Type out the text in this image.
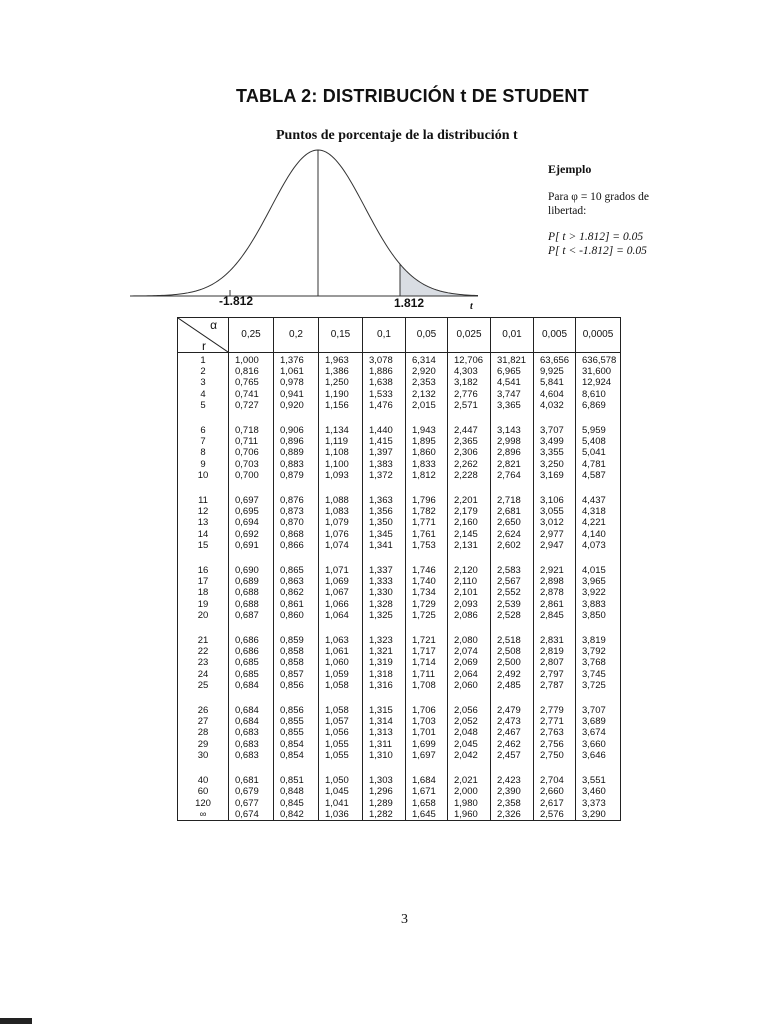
TABLA 2: DISTRIBUCIÓN t DE STUDENT
Puntos de porcentaje de la distribución t
Ejemplo
Para φ = 10 grados de libertad:
P[ t > 1.812] = 0.05
P[ t < -1.812] = 0.05
-1.812	1.812	t
α
r	0,25	0,2	0,15	0,1	0,05	0,025	0,01	0,005	0,0005
1	1,000	1,376	1,963	3,078	6,314	12,706	31,821	63,656	636,578
2	0,816	1,061	1,386	1,886	2,920	4,303	6,965	9,925	31,600
3	0,765	0,978	1,250	1,638	2,353	3,182	4,541	5,841	12,924
4	0,741	0,941	1,190	1,533	2,132	2,776	3,747	4,604	8,610
5	0,727	0,920	1,156	1,476	2,015	2,571	3,365	4,032	6,869
6	0,718	0,906	1,134	1,440	1,943	2,447	3,143	3,707	5,959
7	0,711	0,896	1,119	1,415	1,895	2,365	2,998	3,499	5,408
8	0,706	0,889	1,108	1,397	1,860	2,306	2,896	3,355	5,041
9	0,703	0,883	1,100	1,383	1,833	2,262	2,821	3,250	4,781
10	0,700	0,879	1,093	1,372	1,812	2,228	2,764	3,169	4,587
11	0,697	0,876	1,088	1,363	1,796	2,201	2,718	3,106	4,437
12	0,695	0,873	1,083	1,356	1,782	2,179	2,681	3,055	4,318
13	0,694	0,870	1,079	1,350	1,771	2,160	2,650	3,012	4,221
14	0,692	0,868	1,076	1,345	1,761	2,145	2,624	2,977	4,140
15	0,691	0,866	1,074	1,341	1,753	2,131	2,602	2,947	4,073
16	0,690	0,865	1,071	1,337	1,746	2,120	2,583	2,921	4,015
17	0,689	0,863	1,069	1,333	1,740	2,110	2,567	2,898	3,965
18	0,688	0,862	1,067	1,330	1,734	2,101	2,552	2,878	3,922
19	0,688	0,861	1,066	1,328	1,729	2,093	2,539	2,861	3,883
20	0,687	0,860	1,064	1,325	1,725	2,086	2,528	2,845	3,850
21	0,686	0,859	1,063	1,323	1,721	2,080	2,518	2,831	3,819
22	0,686	0,858	1,061	1,321	1,717	2,074	2,508	2,819	3,792
23	0,685	0,858	1,060	1,319	1,714	2,069	2,500	2,807	3,768
24	0,685	0,857	1,059	1,318	1,711	2,064	2,492	2,797	3,745
25	0,684	0,856	1,058	1,316	1,708	2,060	2,485	2,787	3,725
26	0,684	0,856	1,058	1,315	1,706	2,056	2,479	2,779	3,707
27	0,684	0,855	1,057	1,314	1,703	2,052	2,473	2,771	3,689
28	0,683	0,855	1,056	1,313	1,701	2,048	2,467	2,763	3,674
29	0,683	0,854	1,055	1,311	1,699	2,045	2,462	2,756	3,660
30	0,683	0,854	1,055	1,310	1,697	2,042	2,457	2,750	3,646
40	0,681	0,851	1,050	1,303	1,684	2,021	2,423	2,704	3,551
60	0,679	0,848	1,045	1,296	1,671	2,000	2,390	2,660	3,460
120	0,677	0,845	1,041	1,289	1,658	1,980	2,358	2,617	3,373
∞	0,674	0,842	1,036	1,282	1,645	1,960	2,326	2,576	3,290
3
